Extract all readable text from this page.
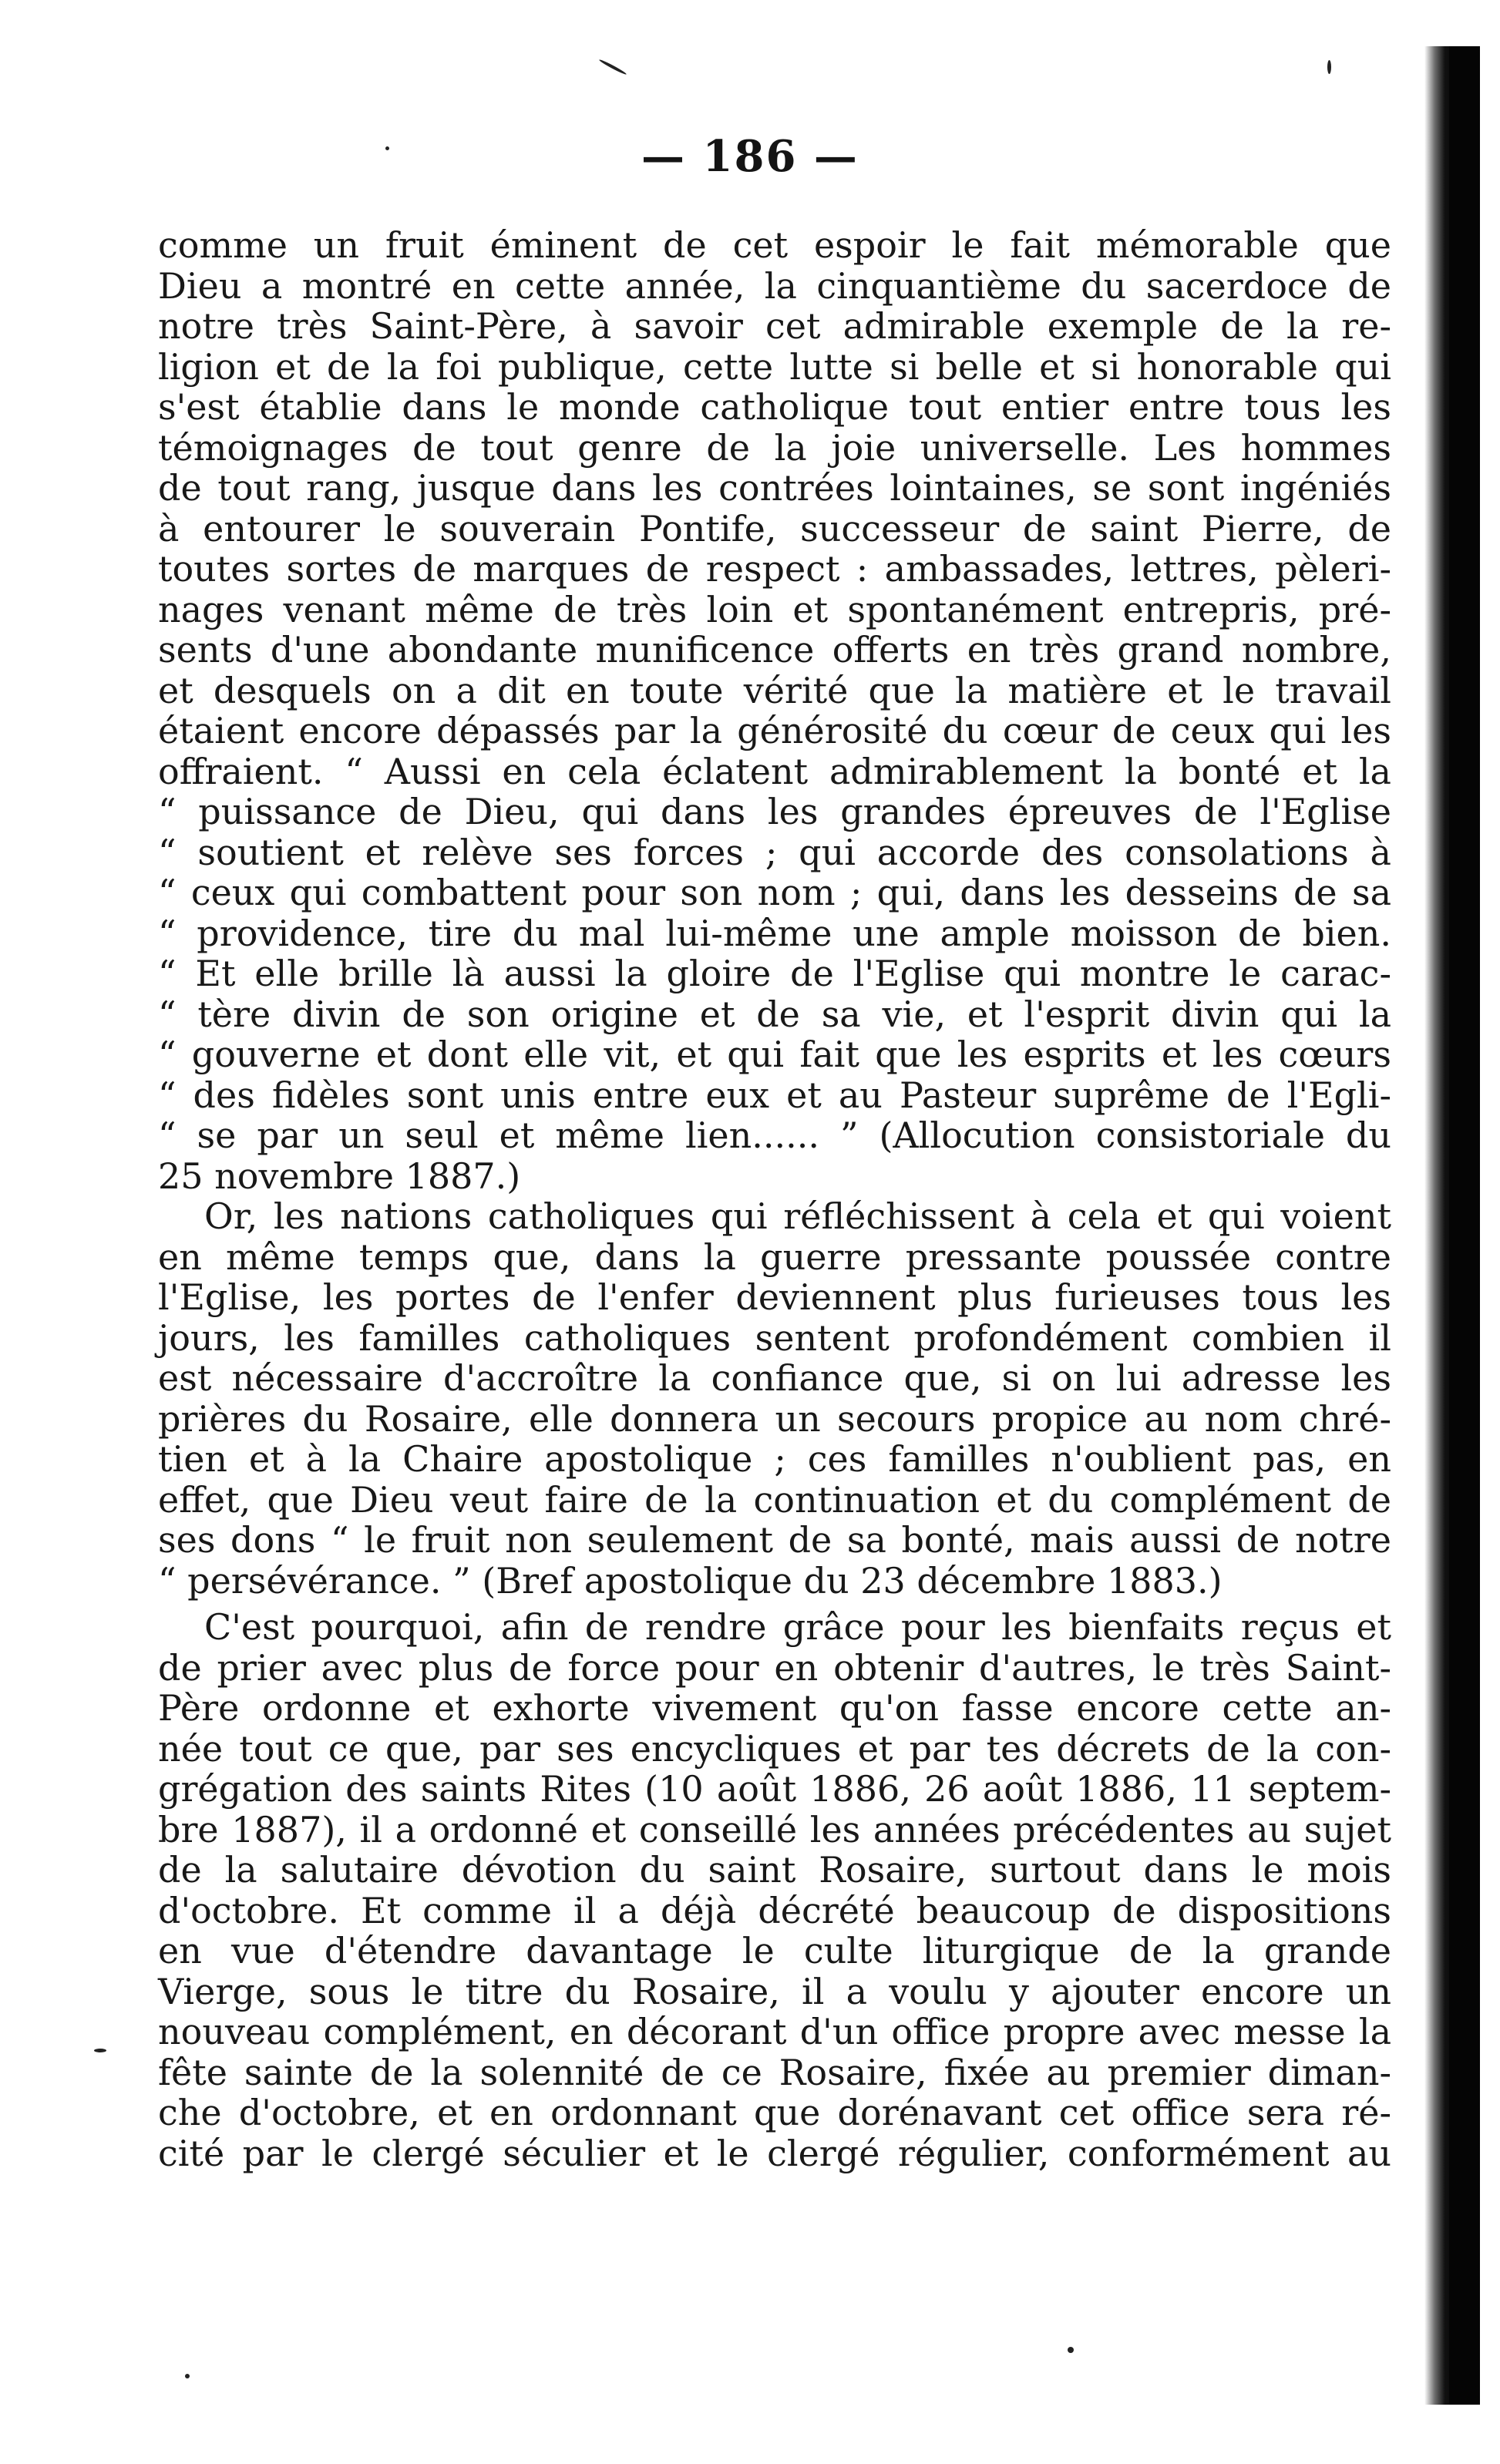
— 186 —
comme un fruit éminent de cet espoir le fait mémorable que
Dieu a montré en cette année, la cinquantième du sacerdoce de
notre très Saint-Père, à savoir cet admirable exemple de la re-
ligion et de la foi publique, cette lutte si belle et si honorable qui
s'est établie dans le monde catholique tout entier entre tous les
témoignages de tout genre de la joie universelle. Les hommes
de tout rang, jusque dans les contrées lointaines, se sont ingéniés
à entourer le souverain Pontife, successeur de saint Pierre, de
toutes sortes de marques de respect : ambassades, lettres, pèleri-
nages venant même de très loin et spontanément entrepris, pré-
sents d'une abondante munificence offerts en très grand nombre,
et desquels on a dit en toute vérité que la matière et le travail
étaient encore dépassés par la générosité du cœur de ceux qui les
offraient. “ Aussi en cela éclatent admirablement la bonté et la
“ puissance de Dieu, qui dans les grandes épreuves de l'Eglise
“ soutient et relève ses forces ; qui accorde des consolations à
“ ceux qui combattent pour son nom ; qui, dans les desseins de sa
“ providence, tire du mal lui-même une ample moisson de bien.
“ Et elle brille là aussi la gloire de l'Eglise qui montre le carac-
“ tère divin de son origine et de sa vie, et l'esprit divin qui la
“ gouverne et dont elle vit, et qui fait que les esprits et les cœurs
“ des fidèles sont unis entre eux et au Pasteur suprême de l'Egli-
“ se par un seul et même lien...... ” (Allocution consistoriale du
25 novembre 1887.)
Or, les nations catholiques qui réfléchissent à cela et qui voient
en même temps que, dans la guerre pressante poussée contre
l'Eglise, les portes de l'enfer deviennent plus furieuses tous les
jours, les familles catholiques sentent profondément combien il
est nécessaire d'accroître la confiance que, si on lui adresse les
prières du Rosaire, elle donnera un secours propice au nom chré-
tien et à la Chaire apostolique ; ces familles n'oublient pas, en
effet, que Dieu veut faire de la continuation et du complément de
ses dons “ le fruit non seulement de sa bonté, mais aussi de notre
“ persévérance. ” (Bref apostolique du 23 décembre 1883.)
C'est pourquoi, afin de rendre grâce pour les bienfaits reçus et
de prier avec plus de force pour en obtenir d'autres, le très Saint-
Père ordonne et exhorte vivement qu'on fasse encore cette an-
née tout ce que, par ses encycliques et par tes décrets de la con-
grégation des saints Rites (10 août 1886, 26 août 1886, 11 septem-
bre 1887), il a ordonné et conseillé les années précédentes au sujet
de la salutaire dévotion du saint Rosaire, surtout dans le mois
d'octobre. Et comme il a déjà décrété beaucoup de dispositions
en vue d'étendre davantage le culte liturgique de la grande
Vierge, sous le titre du Rosaire, il a voulu y ajouter encore un
nouveau complément, en décorant d'un office propre avec messe la
fête sainte de la solennité de ce Rosaire, fixée au premier diman-
che d'octobre, et en ordonnant que dorénavant cet office sera ré-
cité par le clergé séculier et le clergé régulier, conformément au
